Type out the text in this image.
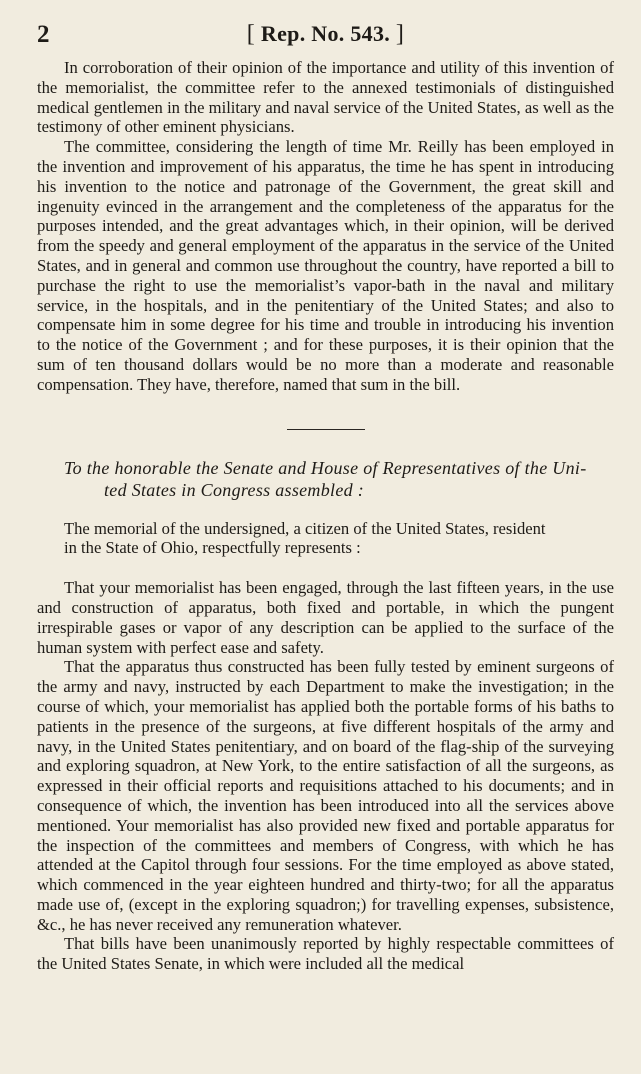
2	[ Rep. No. 543. ]

In corroboration of their opinion of the importance and utility of this invention of the memorialist, the committee refer to the annexed testimonials of distinguished medical gentlemen in the military and naval service of the United States, as well as the testimony of other eminent physicians.

The committee, considering the length of time Mr. Reilly has been employed in the invention and improvement of his apparatus, the time he has spent in introducing his invention to the notice and patronage of the Government, the great skill and ingenuity evinced in the arrangement and the completeness of the apparatus for the purposes intended, and the great advantages which, in their opinion, will be derived from the speedy and general employment of the apparatus in the service of the United States, and in general and common use throughout the country, have reported a bill to purchase the right to use the memorialist’s vapor-bath in the naval and military service, in the hospitals, and in the penitentiary of the United States; and also to compensate him in some degree for his time and trouble in introducing his invention to the notice of the Government ; and for these purposes, it is their opinion that the sum of ten thousand dollars would be no more than a moderate and reasonable compensation. They have, therefore, named that sum in the bill.

To the honorable the Senate and House of Representatives of the Uni-
ted States in Congress assembled :

The memorial of the undersigned, a citizen of the United States, resident

in the State of Ohio, respectfully represents :

That your memorialist has been engaged, through the last fifteen years, in the use and construction of apparatus, both fixed and portable, in which the pungent irrespirable gases or vapor of any description can be applied to the surface of the human system with perfect ease and safety.

That the apparatus thus constructed has been fully tested by eminent surgeons of the army and navy, instructed by each Department to make the investigation; in the course of which, your memorialist has applied both the portable forms of his baths to patients in the presence of the surgeons, at five different hospitals of the army and navy, in the United States penitentiary, and on board of the flag-ship of the surveying and exploring squadron, at New York, to the entire satisfaction of all the surgeons, as expressed in their official reports and requisitions attached to his documents; and in consequence of which, the invention has been introduced into all the services above mentioned. Your memorialist has also provided new fixed and portable apparatus for the inspection of the committees and members of Congress, with which he has attended at the Capitol through four sessions. For the time employed as above stated, which commenced in the year eighteen hundred and thirty-two; for all the apparatus made use of, (except in the exploring squadron;) for travelling expenses, subsistence, &c., he has never received any remuneration whatever.

That bills have been unanimously reported by highly respectable committees of the United States Senate, in which were included all the medical
